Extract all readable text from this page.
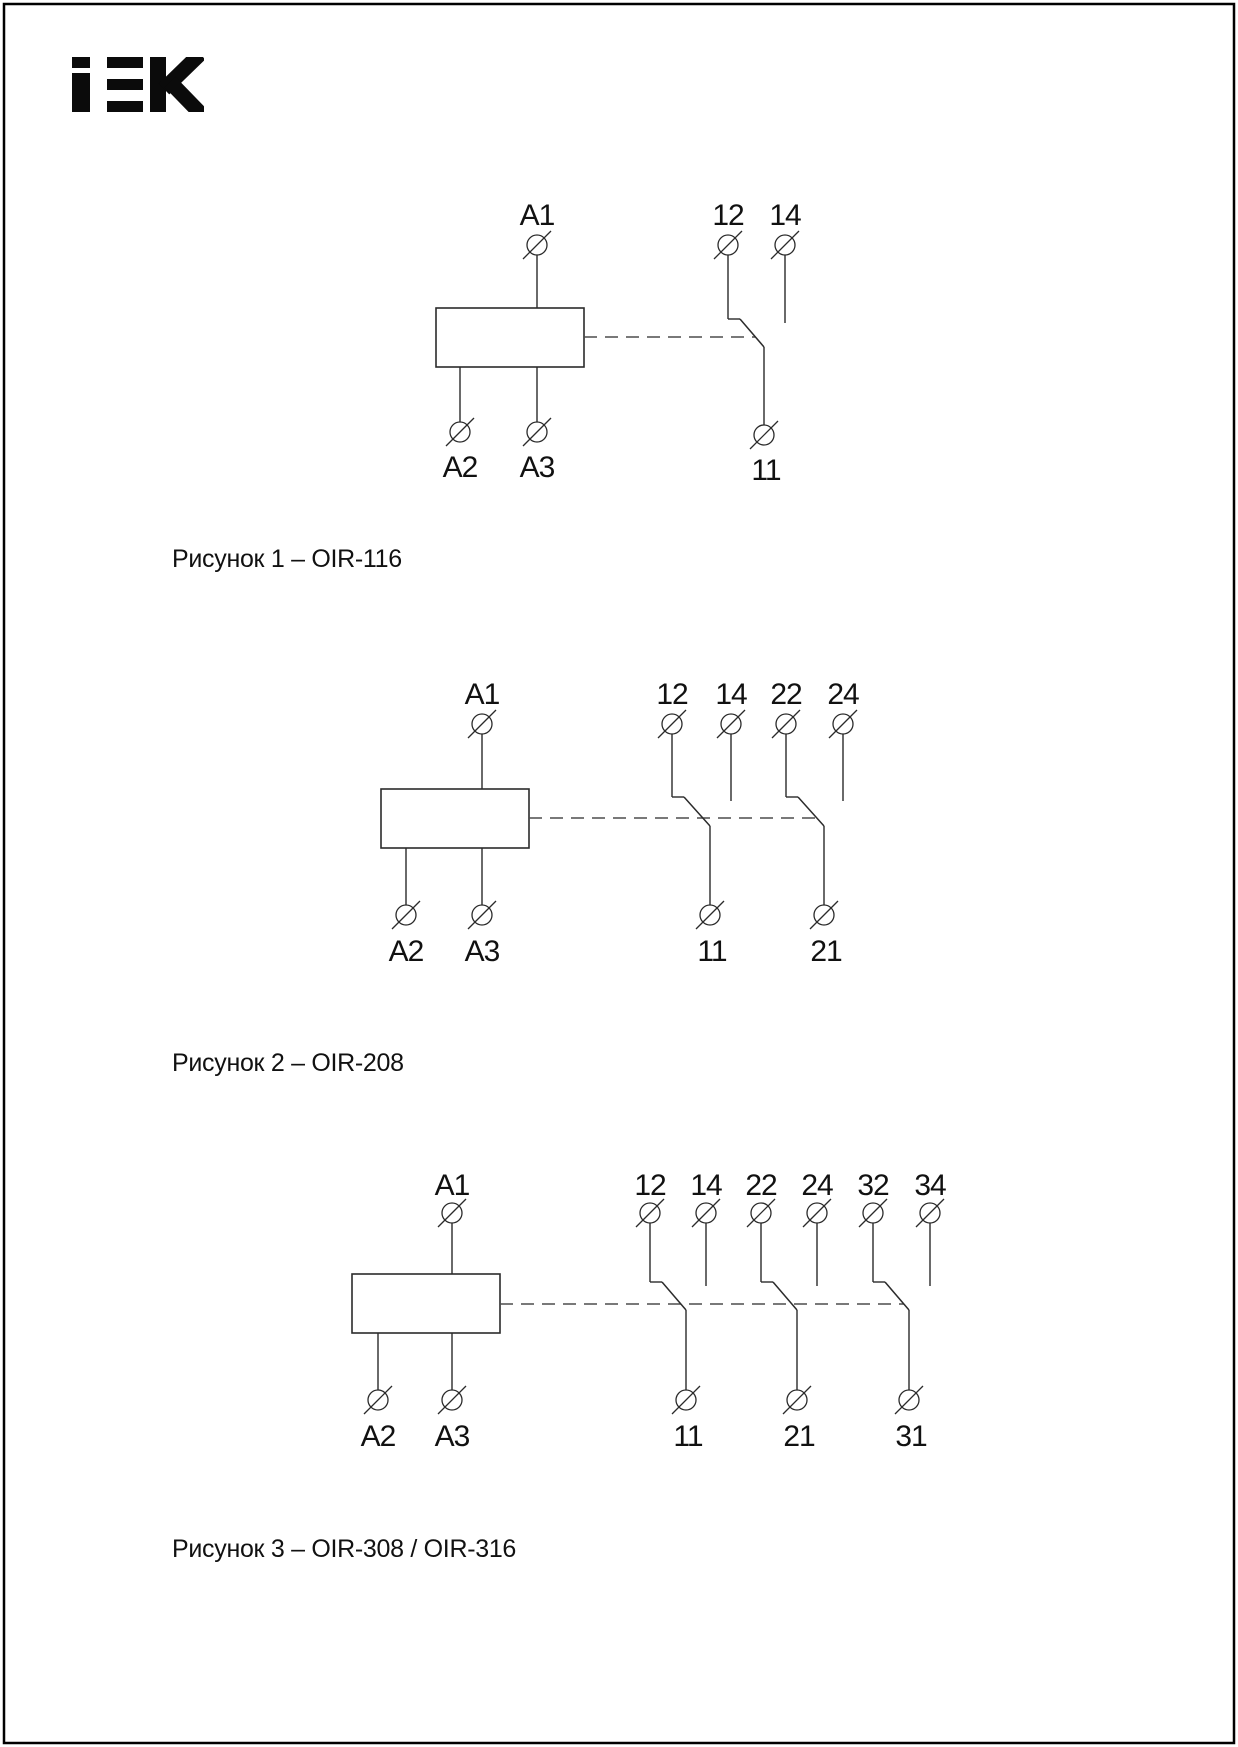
A1
A2 A3
12 14
11
Рисунок 1 – OIR-116
A1
A2 A3
12 14
11
22 24
21
Рисунок 2 – OIR-208
A1
A2 A3
12 14
11
22 24
21
32 34
31
Рисунок 3 – OIR-308 / OIR-316
